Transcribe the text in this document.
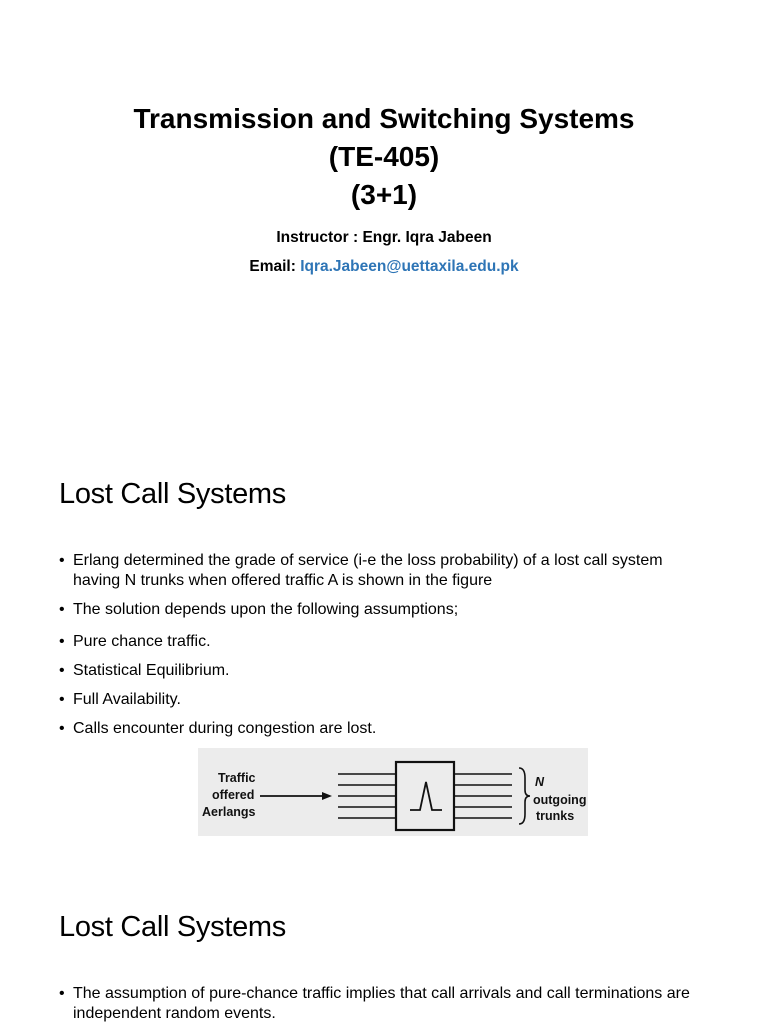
Transmission and Switching Systems

(TE-405)

(3+1)

Instructor : Engr. Iqra Jabeen
Email: Iqra.Jabeen@uettaxila.edu.pk
Lost Call Systems
• Erlang determined the grade of service (i-e the loss probability) of a lost call system having N trunks when offered traffic A is shown in the figure
• The solution depends upon the following assumptions;
• Pure chance traffic.
• Statistical Equilibrium.
• Full Availability.
• Calls encounter during congestion are lost.
Traffic
offered
Aerlangs
N
outgoing
trunks
Lost Call Systems
• The assumption of pure-chance traffic implies that call arrivals and call terminations are independent random events.
